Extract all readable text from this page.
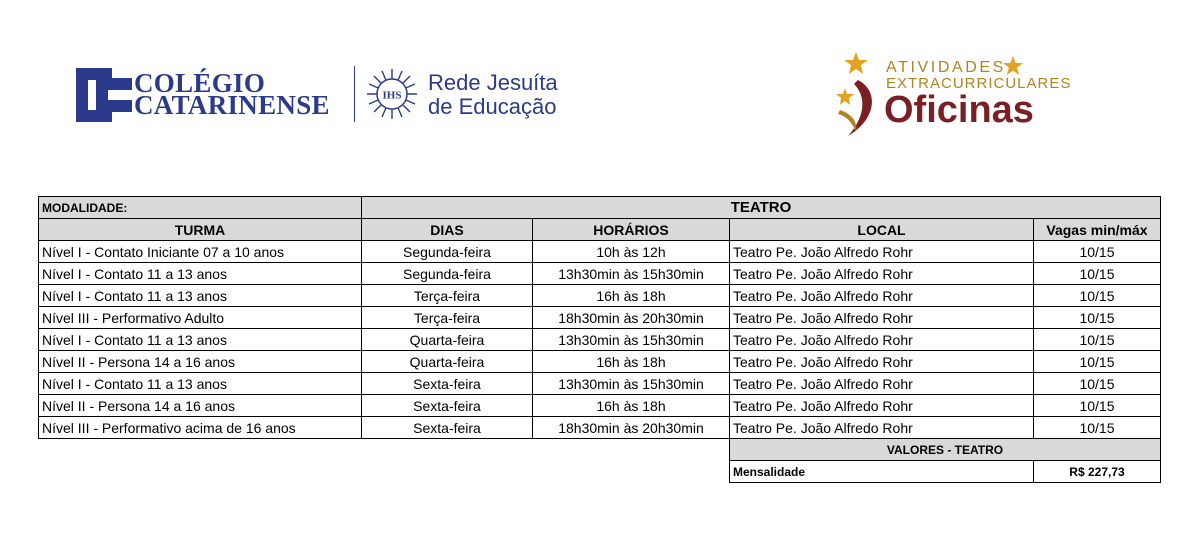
COLÉGIO
CATARINENSE	IHS
Rede Jesuíta
de Educação
ATIVIDADES
EXTRACURRICULARES
Oficinas
MODALIDADE:	TEATRO			
TURMA	DIAS	HORÁRIOS	LOCAL	Vagas min/máx
Nível I - Contato Iniciante 07 a 10 anos	Segunda-feira	10h às 12h	Teatro Pe. João Alfredo Rohr	10/15
Nível I - Contato 11 a 13 anos	Segunda-feira	13h30min às 15h30min	Teatro Pe. João Alfredo Rohr	10/15
Nível I - Contato 11 a 13 anos	Terça-feira	16h às 18h	Teatro Pe. João Alfredo Rohr	10/15
Nível III - Performativo Adulto	Terça-feira	18h30min às 20h30min	Teatro Pe. João Alfredo Rohr	10/15
Nível I - Contato 11 a 13 anos	Quarta-feira	13h30min às 15h30min	Teatro Pe. João Alfredo Rohr	10/15
Nível II - Persona 14 a 16 anos	Quarta-feira	16h às 18h	Teatro Pe. João Alfredo Rohr	10/15
Nível I - Contato 11 a 13 anos	Sexta-feira	13h30min às 15h30min	Teatro Pe. João Alfredo Rohr	10/15
Nível II - Persona 14 a 16 anos	Sexta-feira	16h às 18h	Teatro Pe. João Alfredo Rohr	10/15
Nível III - Performativo acima de 16 anos	Sexta-feira	18h30min às 20h30min	Teatro Pe. João Alfredo Rohr	10/15
			VALORES - TEATRO	
			Mensalidade	R$ 227,73
